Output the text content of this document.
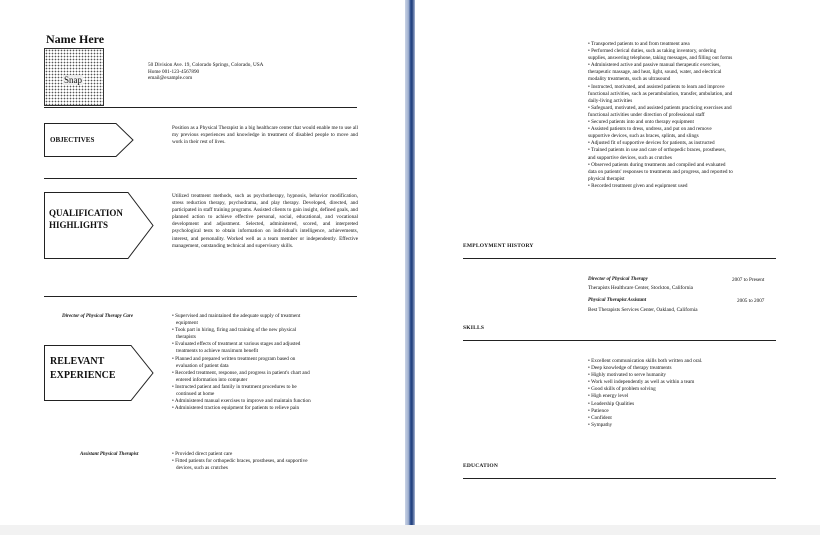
Name Here
Snap
50 Division Ave. 19, Colorado Springs, Colorado, USA
Home 001-123-4567890
email@example.com
OBJECTIVES
Position as a Physical Therapist in a big healthcare center that would enable me to use all my previous experiences and knowledge in treatment of disabled people to move and work in their rest of lives.
QUALIFICATION
HIGHLIGHTS
Utilized treatment methods, such as psychotherapy, hypnosis, behavior modification, stress reduction therapy, psychodrama, and play therapy. Developed, directed, and participated in staff training programs. Assisted clients to gain insight, defined goals, and planned action to achieve effective personal, social, educational, and vocational development and adjustment. Selected, administered, scored, and interpreted psychological tests to obtain information on individual's intelligence, achievements, interest, and personality. Worked well as a team member or independently. Effective management, outstanding technical and supervisory skills.
Director of Physical Therapy Care	• Supervised and maintained the adequate supply of treatment
equipment
• Took part in hiring, firing and training of the new physical
therapists
• Evaluated effects of treatment at various stages and adjusted
treatments to achieve maximum benefit
• Planned and prepared written treatment program based on
evaluation of patient data
• Recorded treatment, response, and progress in patient's chart and
entered information into computer
• Instructed patient and family in treatment procedures to be
continued at home
• Administered manual exercises to improve and maintain function
• Administered traction equipment for patients to relieve pain
RELEVANT
EXPERIENCE
Assistant Physical Therapist	• Provided direct patient care
• Fitted patients for orthopedic braces, prostheses, and supportive
devices, such as crutches
• Transported patients to and from treatment area
• Performed clerical duties, such as taking inventory, ordering
supplies, answering telephone, taking messages, and filling out forms
• Administered active and passive manual therapeutic exercises,
therapeutic massage, and heat, light, sound, water, and electrical
modality treatments, such as ultrasound
• Instructed, motivated, and assisted patients to learn and improve
functional activities, such as perambulation, transfer, ambulation, and
daily-living activities
• Safeguard, motivated, and assisted patients practicing exercises and
functional activities under direction of professional staff
• Secured patients into and onto therapy equipment
• Assisted patients to dress, undress, and put on and remove
supportive devices, such as braces, splints, and slings
• Adjusted fit of supportive devices for patients, as instructed
• Trained patients in use and care of orthopedic braces, prostheses,
and supportive devices, such as crutches
• Observed patients during treatments and compiled and evaluated
data on patients' responses to treatments and progress, and reported to
physical therapist
• Recorded treatment given and equipment used
EMPLOYMENT HISTORY
Director of Physical Therapy	2007 to Present
Therapists Healthcare Center, Stockton, California
Physical Therapist Assistant	2005 to 2007
Best Therapists Services Center, Oakland, California
SKILLS
• Excellent communication skills both written and oral.
• Deep knowledge of therapy treatments
• Highly motivated to serve humanity
• Work well independently as well as within a team
• Good skills of problem solving
• High energy level
• Leadership Qualities
• Patience
• Confident
• Sympathy
EDUCATION
